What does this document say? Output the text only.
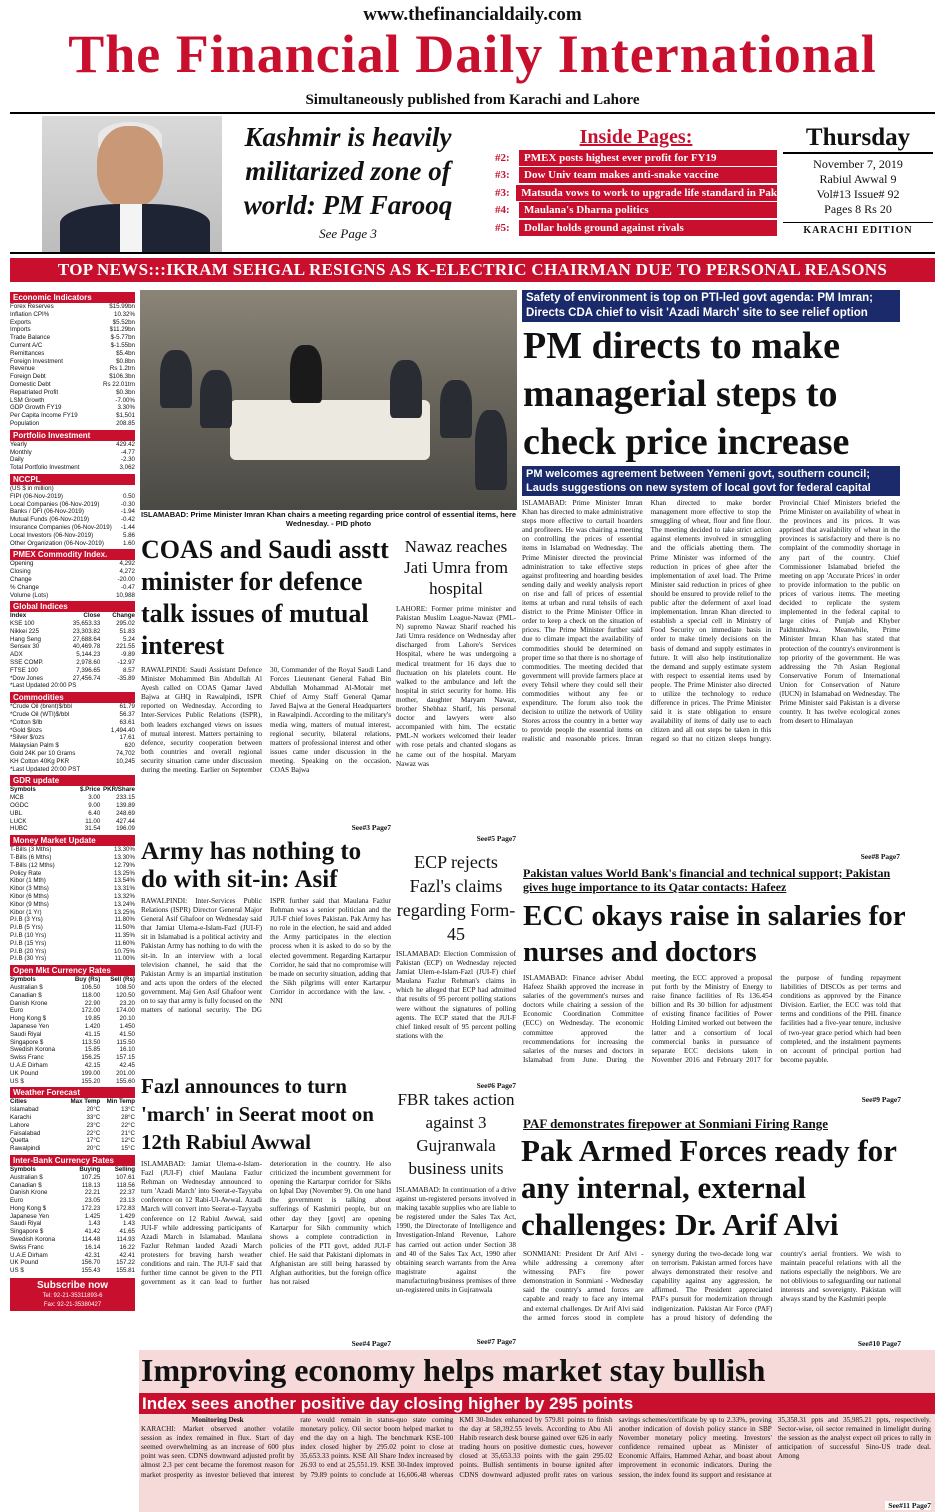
www.thefinancialdaily.com
The Financial Daily International
Simultaneously published from Karachi and Lahore
Kashmir is heavily militarized zone of world: PM Farooq
See Page 3
Inside Pages:
#2:	PMEX posts highest ever profit for FY19
#3:	Dow Univ team makes anti-snake vaccine
#3:	Matsuda vows to work to upgrade life standard in Pak
#4:	Maulana's Dharna politics
#5:	Dollar holds ground against rivals
Thursday

November 7, 2019

Rabiul Awwal 9

Vol#13 Issue# 92

Pages 8 Rs 20

KARACHI EDITION
TOP NEWS:::IKRAM SEHGAL RESIGNS AS K-ELECTRIC CHAIRMAN DUE TO PERSONAL REASONS
Economic Indicators
Forex Reserves	$15.99bn
Inflation CPI%	10.32%
Exports	$5.52bn
Imports	$11.29bn
Trade Balance	$-5.77bn
Current A/C	$-1.55bn
Remittances	$5.4bn
Foreign Investment	$0.8bn
Revenue	Rs 1.2trn
Foreign Debt	$106.3bn
Domestic Debt	Rs 22.01trn
Repatriated Profit	$0.3bn
LSM Growth	-7.00%
GDP Growth FY19	3.30%
Per Capita Income FY19	$1,501
Population	208.85
Portfolio Investment
Yearly	429.42
Monthly	-4.77
Daily	-2.30
Total Portfolio Investment	3,062
NCCPL
(US $ in million)
FIPI (06-Nov-2019)	0.50
Local Companies (06-Nov-2019)	-0.30
Banks / DFI (06-Nov-2019)	-1.94
Mutual Funds (06-Nov-2019)	-0.42
Insurance Companies (06-Nov-2019) -1.44
Local Investors (06-Nov-2019)	5.86
Other Organization (06-Nov-2019)	1.60
PMEX Commodity Index.
Opening	4,292
Closing	4,272
Change	-20.00
% Change	-0.47
Volume (Lots)	10,988
Global Indices
Index	Close	Change
KSE 100	35,653.33	295.02
Nikkei 225	23,303.82	51.83
Hang Seng	27,688.64	5.24
Sensex 30	40,469.78	221.55
ADX	5,144.23	-9.89
SSE COMP.	2,978.60	-12.97
FTSE 100	7,396.65	8.57
*Dow Jones	27,456.74	-35.89
*Last Updated 20:00 PS
Commodities
*Crude Oil (brent)$/bbl	61.79
*Crude Oil (WTI)$/bbl	56.37
*Cotton $/lb	63.61
*Gold $/ozs	1,494.40
*Silver $/ozs	17.61
Malaysian Palm $	620
Gold 24K per 10 Grams	74,702
KH Cotton 40Kg PKR	10,245
*Last Updated 20:00 PST
GDR update
Symbols	$.Price PKR/Share
MCB	3.00	233.15
OGDC	9.00	139.89
UBL	6.40	248.69
LUCK	11.00	427.44
HUBC	31.54	196.09
Money Market Update
T-Bills (3 Mths)	13.30%
T-Bills (6 Mths)	13.30%
T-Bills (12 Mths)	12.79%
Policy Rate	13.25%
Kibor (1 Mth)	13.54%
Kibor (3 Mths)	13.31%
Kibor (6 Mths)	13.32%
Kibor (9 Mths)	13.24%
Kibor (1 Yr)	13.25%
P.I.B (3 Yrs)	11.80%
P.I.B (5 Yrs)	11.50%
P.I.B (10 Yrs)	11.35%
P.I.B (15 Yrs)	11.60%
P.I.B (20 Yrs)	10.75%
P.I.B (30 Yrs)	11.00%
Open Mkt Currency Rates
Symbols	Buy (Rs)	Sell (Rs)
Australian $	106.50	108.50
Canadian $	118.00	120.50
Danish Krone	22.90	23.20
Euro	172.00	174.00
Hong Kong $	19.85	20.10
Japanese Yen	1.420	1.450
Saudi Riyal	41.15	41.50
Singapore $	113.50	115.50
Swedish Korona	15.85	16.10
Swiss Franc	156.25	157.15
U.A.E Dirham	42.15	42.45
UK Pound	199.00	201.00
US $	155.20	155.60
Weather Forecast
Cities	Max Temp	Min Temp
Islamabad	20°C	13°C
Karachi	33°C	28°C
Lahore	23°C	22°C
Faisalabad	22°C	21°C
Quetta	17°C	12°C
Rawalpindi	20°C	15°C
Inter-Bank Currency Rates
Symbols	Buying	Selling
Australian $	107.25	107.61
Canadian $	118.13	118.56
Danish Krone	22.21	22.37
Euro	23.05	23.13
Hong Kong $	172.23	172.83
Japanese Yen	1.425	1.429
Saudi Riyal	1.43	1.43
Singapore $	41.42	41.65
Swedish Korona	114.48	114.93
Swiss Franc	16.14	16.22
U.A.E Dirham	42.31	42.41
UK Pound	156.70	157.22
US $	155.43	155.81
Subscribe now
Tel: 92-21-35311893-6
Fax: 92-21-35380427
ISLAMABAD: Prime Minister Imran Khan chairs a meeting regarding price control of essential items, here Wednesday. - PID photo
Safety of environment is top on PTI-led govt agenda: PM Imran; Directs CDA chief to visit 'Azadi March' site to see relief option
PM directs to make managerial steps to check price increase
PM welcomes agreement between Yemeni govt, southern council; Lauds suggestions on new system of local govt for federal capital
ISLAMABAD: Prime Minister Imran Khan has directed to make administrative steps more effective to curtail hoarders and profiteers. He was chairing a meeting on controlling the prices of essential items in Islamabad on Wednesday. The Prime Minister directed the provincial administration to take effective steps against profiteering and hoarding besides sending daily and weekly analysis report on rise and fall of prices of essential items at urban and rural tehsils of each district to the Prime Minister Office in order to keep a check on the situation of prices. The Prime Minister further said due to climate impact the availability of commodities should be determined on proper time so that there is no shortage of commodities. The meeting decided that government will provide farmers place at every Tehsil where they could sell their commodities without any fee or expenditure. The forum also took the decision to utilize the network of Utility Stores across the country in a better way to provide people the essential items on realistic and reasonable prices. Imran Khan directed to make border management more effective to stop the smuggling of wheat, flour and fine flour. The meeting decided to take strict action against elements involved in smuggling and the officials abetting them. The Prime Minister was informed of the reduction in prices of ghee after the implementation of axel load. The Prime Minister said reduction in prices of ghee should be ensured to provide relief to the public after the deferment of axel load implementation. Imran Khan directed to establish a special cell in Ministry of Food Security on immediate basis in order to make timely decisions on the basis of demand and supply estimates in future. It will also help institutionalize the demand and supply estimate system with respect to essential items used by people. The Prime Minister also directed to utilize the technology to reduce difference in prices. The Prime Minister said it is state obligation to ensure availability of items of daily use to each citizen and all out steps be taken in this regard so that no citizen sleeps hungry. Provincial Chief Ministers briefed the Prime Minister on availability of wheat in the provinces and its prices. It was apprised that availability of wheat in the provinces is satisfactory and there is no complaint of the commodity shortage in any part of the country. Chief Commissioner Islamabad briefed the meeting on app 'Accurate Prices' in order to provide information to the public on prices of various items. The meeting decided to replicate the system implemented in the federal capital to large cities of Punjab and Khyber Pakhtunkhwa. Meanwhile, Prime Minister Imran Khan has stated that protection of the country's environment is top priority of the government. He was addressing the 7th Asian Regional Conservative Forum of International Union for Conservation of Nature (IUCN) in Islamabad on Wednesday. The Prime Minister said Pakistan is a diverse country. It has twelve ecological zones from desert to Himalayan
See#8 Page7
COAS and Saudi asstt minister for defence talk issues of mutual interest
RAWALPINDI: Saudi Assistant Defence Minister Mohammed Bin Abdullah Al Ayesh called on COAS Qamar Javed Bajwa at GHQ in Rawalpindi, ISPR reported on Wednesday. According to Inter-Services Public Relations (ISPR), both leaders exchanged views on issues of mutual interest. Matters pertaining to defence, security cooperation between both countries and overall regional security situation came under discussion during the meeting. Earlier on September 30, Commander of the Royal Saudi Land Forces Lieutenant General Fahad Bin Abdullah Mohammad Al-Motair met Chief of Army Staff General Qamar Javed Bajwa at the General Headquarters in Rawalpindi. According to the military's media wing, matters of mutual interest, regional security, bilateral relations, matters of professional interest and other issues came under discussion in the meeting. Speaking on the occasion, COAS Bajwa
See#3 Page7
Nawaz reaches Jati Umra from hospital
LAHORE: Former prime minister and Pakistan Muslim League-Nawaz (PML-N) supremo Nawaz Sharif reached his Jati Umra residence on Wednesday after discharged from Lahore's Services Hospital, where he was undergoing a medical treatment for 16 days due to fluctuation on his platelets count. He walked to the ambulance and left the hospital in strict security for home. His mother, daughter Maryam Nawaz, brother Shehbaz Sharif, his personal doctor and lawyers were also accompanied with him. The ecstatic PML-N workers welcomed their leader with rose petals and chanted slogans as he came out of the hospital. Maryam Nawaz was
See#5 Page7
Army has nothing to do with sit-in: Asif
RAWALPINDI: Inter-Services Public Relations (ISPR) Director General Major General Asif Ghafoor on Wednesday said that Jamiat Ulema-e-Islam-Fazl (JUI-F) sit in Islamabad is a political activity and Pakistan Army has nothing to do with the sit-in. In an interview with a local television channel, he said that the Pakistan Army is an impartial institution and acts upon the orders of the elected government. Maj Gen Asif Ghafoor went on to say that army is fully focused on the matters of national security. The DG ISPR further said that Maulana Fazlur Rehman was a senior politician and the JUI-F chief loves Pakistan. Pak Army has no role in the election, he said and added the Army participates in the election process when it is asked to do so by the elected government. Regarding Kartarpur Corridor, he said that no compromise will be made on security situation, adding that the Sikh pilgrims will enter Kartarpur Corridor in accordance with the law. - NNI
ECP rejects Fazl's claims regarding Form-45
ISLAMABAD: Election Commission of Pakistan (ECP) on Wednesday rejected Jamiat Ulem-e-Islam-Fazl (JUI-F) chief Maulana Fazlur Rehman's claims in which he alleged that ECP had admitted that results of 95 percent polling stations were without the signatures of polling agents. The ECP stated that the JUI-F chief linked result of 95 percent polling stations with the
See#6 Page7
Fazl announces to turn 'march' in Seerat moot on 12th Rabiul Awwal
ISLAMABAD: Jamiat Ulema-e-Islam-Fazl (JUI-F) chief Maulana Fazlur Rehman on Wednesday announced to turn 'Azadi March' into Seerat-e-Tayyaba conference on 12 Rabi-Ul-Awwal. Azadi March will convert into Seerat-e-Tayyaba conference on 12 Rabiul Awwal, said JUI-F while addressing participants of Azadi March in Islamabad. Maulana Fazlur Rehman lauded Azadi March protesters for braving harsh weather conditions and rain. The JUI-F said that further time cannot be given to the PTI government as it can lead to further deterioration in the country. He also criticized the incumbent government for opening the Kartarpur corridor for Sikhs on Iqbal Day (November 9). On one hand the government is talking about sufferings of Kashmiri people, but on other day they [govt] are opening Kartarpur for Sikh community which shows a complete contradiction in policies of the PTI govt, added JUI-F chief. He said that Pakistani diplomats in Afghanistan are still being harassed by Afghan authorities, but the foreign office has not raised
See#4 Page7
FBR takes action against 3 Gujranwala business units
ISLAMABAD: In continuation of a drive against un-registered persons involved in making taxable supplies who are liable to be registered under the Sales Tax Act, 1990, the Directorate of Intelligence and Investigation-Inland Revenue, Lahore has carried out action under Section 38 and 40 of the Sales Tax Act, 1990 after obtaining search warrants from the Area magistrate against the manufacturing/business premises of three un-registered units in Gujranwala
See#7 Page7
Pakistan values World Bank's financial and technical support; Pakistan gives huge importance to its Qatar contacts: Hafeez
ECC okays raise in salaries for nurses and doctors
ISLAMABAD: Finance adviser Abdul Hafeez Shaikh approved the increase in salaries of the government's nurses and doctors while chairing a session of the Economic Coordination Committee (ECC) on Wednesday. The economic committee approved the recommendations for increasing the salaries of the nurses and doctors in Islamabad from June. During the meeting, the ECC approved a proposal put forth by the Ministry of Energy to raise finance facilities of Rs 136.454 billion and Rs 30 billion for adjustment of existing finance facilities of Power Holding Limited worked out between the latter and a consortium of local commercial banks in pursuance of separate ECC decisions taken in November 2016 and February 2017 for the purpose of funding repayment liabilities of DISCOs as per terms and conditions as approved by the Finance Division. Earlier, the ECC was told that terms and conditions of the PHL finance facilities had a five-year tenure, inclusive of two-year grace period which had been completed, and the instalment payments on account of principal portion had become payable.
See#9 Page7
PAF demonstrates firepower at Sonmiani Firing Range
Pak Armed Forces ready for any internal, external challenges: Dr. Arif Alvi
SONMIANI: President Dr Arif Alvi - while addressing a ceremony after witnessing PAF's fire power demonstration in Sonmiani - Wednesday said the country's armed forces are capable and ready to face any internal and external challenges. Dr Arif Alvi said the armed forces stood in complete synergy during the two-decade long war on terrorism. Pakistan armed forces have always demonstrated their resolve and capability against any aggression, he affirmed. The President appreciated PAF's pursuit for modernization through indigenization. Pakistan Air Force (PAF) has a proud history of defending the country's aerial frontiers. We wish to maintain peaceful relations with all the nations especially the neighbors. We are not oblivious to safeguarding our national interests and sovereignty. Pakistan will always stand by the Kashmiri people
See#10 Page7
Improving economy helps market stay bullish
Index sees another positive day closing higher by 295 points
Monitoring Desk
KARACHI: Market observed another volatile session as index remained in flux. Start of day seemed overwhelming as an increase of 600 plus point was seen. CDNS downward adjusted profit by almost 2.3 per cent became the foremost reason for market prosperity as investor believed that interest rate would remain in status-quo state coming monetary policy. Oil sector boom helped market to end the day on a high. The benchmark KSE-100 index closed higher by 295.02 point to close at 35,653.33 points. KSE All Share Index increased by 26.93 to end at 25,551.19. KSE 30-Index improved by 79.89 points to conclude at 16,606.48 whereas KMI 30-Index enhanced by 579.81 points to finish the day at 58,392.55 levels. According to Abu Ali Habib research desk bourse gained over 626 in early trading hours on positive domestic cues, however closed at 35,653.33 points with the gain 295.02 points. Bullish sentiments in bourse ignited after CDNS downward adjusted profit rates on various savings schemes/certificate by up to 2.33%, proving another indication of dovish policy stance in SBP November monetary policy meeting. Investors' confidence remained upbeat as Minister of Economic Affairs, Hammed Azhar, and boast about improvement in economic indicators. During the session, the index found its support and resistance at 35,358.31 ppts and 35,985.21 ppts, respectively. Sector-wise, oil sector remained in limelight during the session as the analyst expect oil prices to rally in anticipation of successful Sino-US trade deal. Among
See#11 Page7
